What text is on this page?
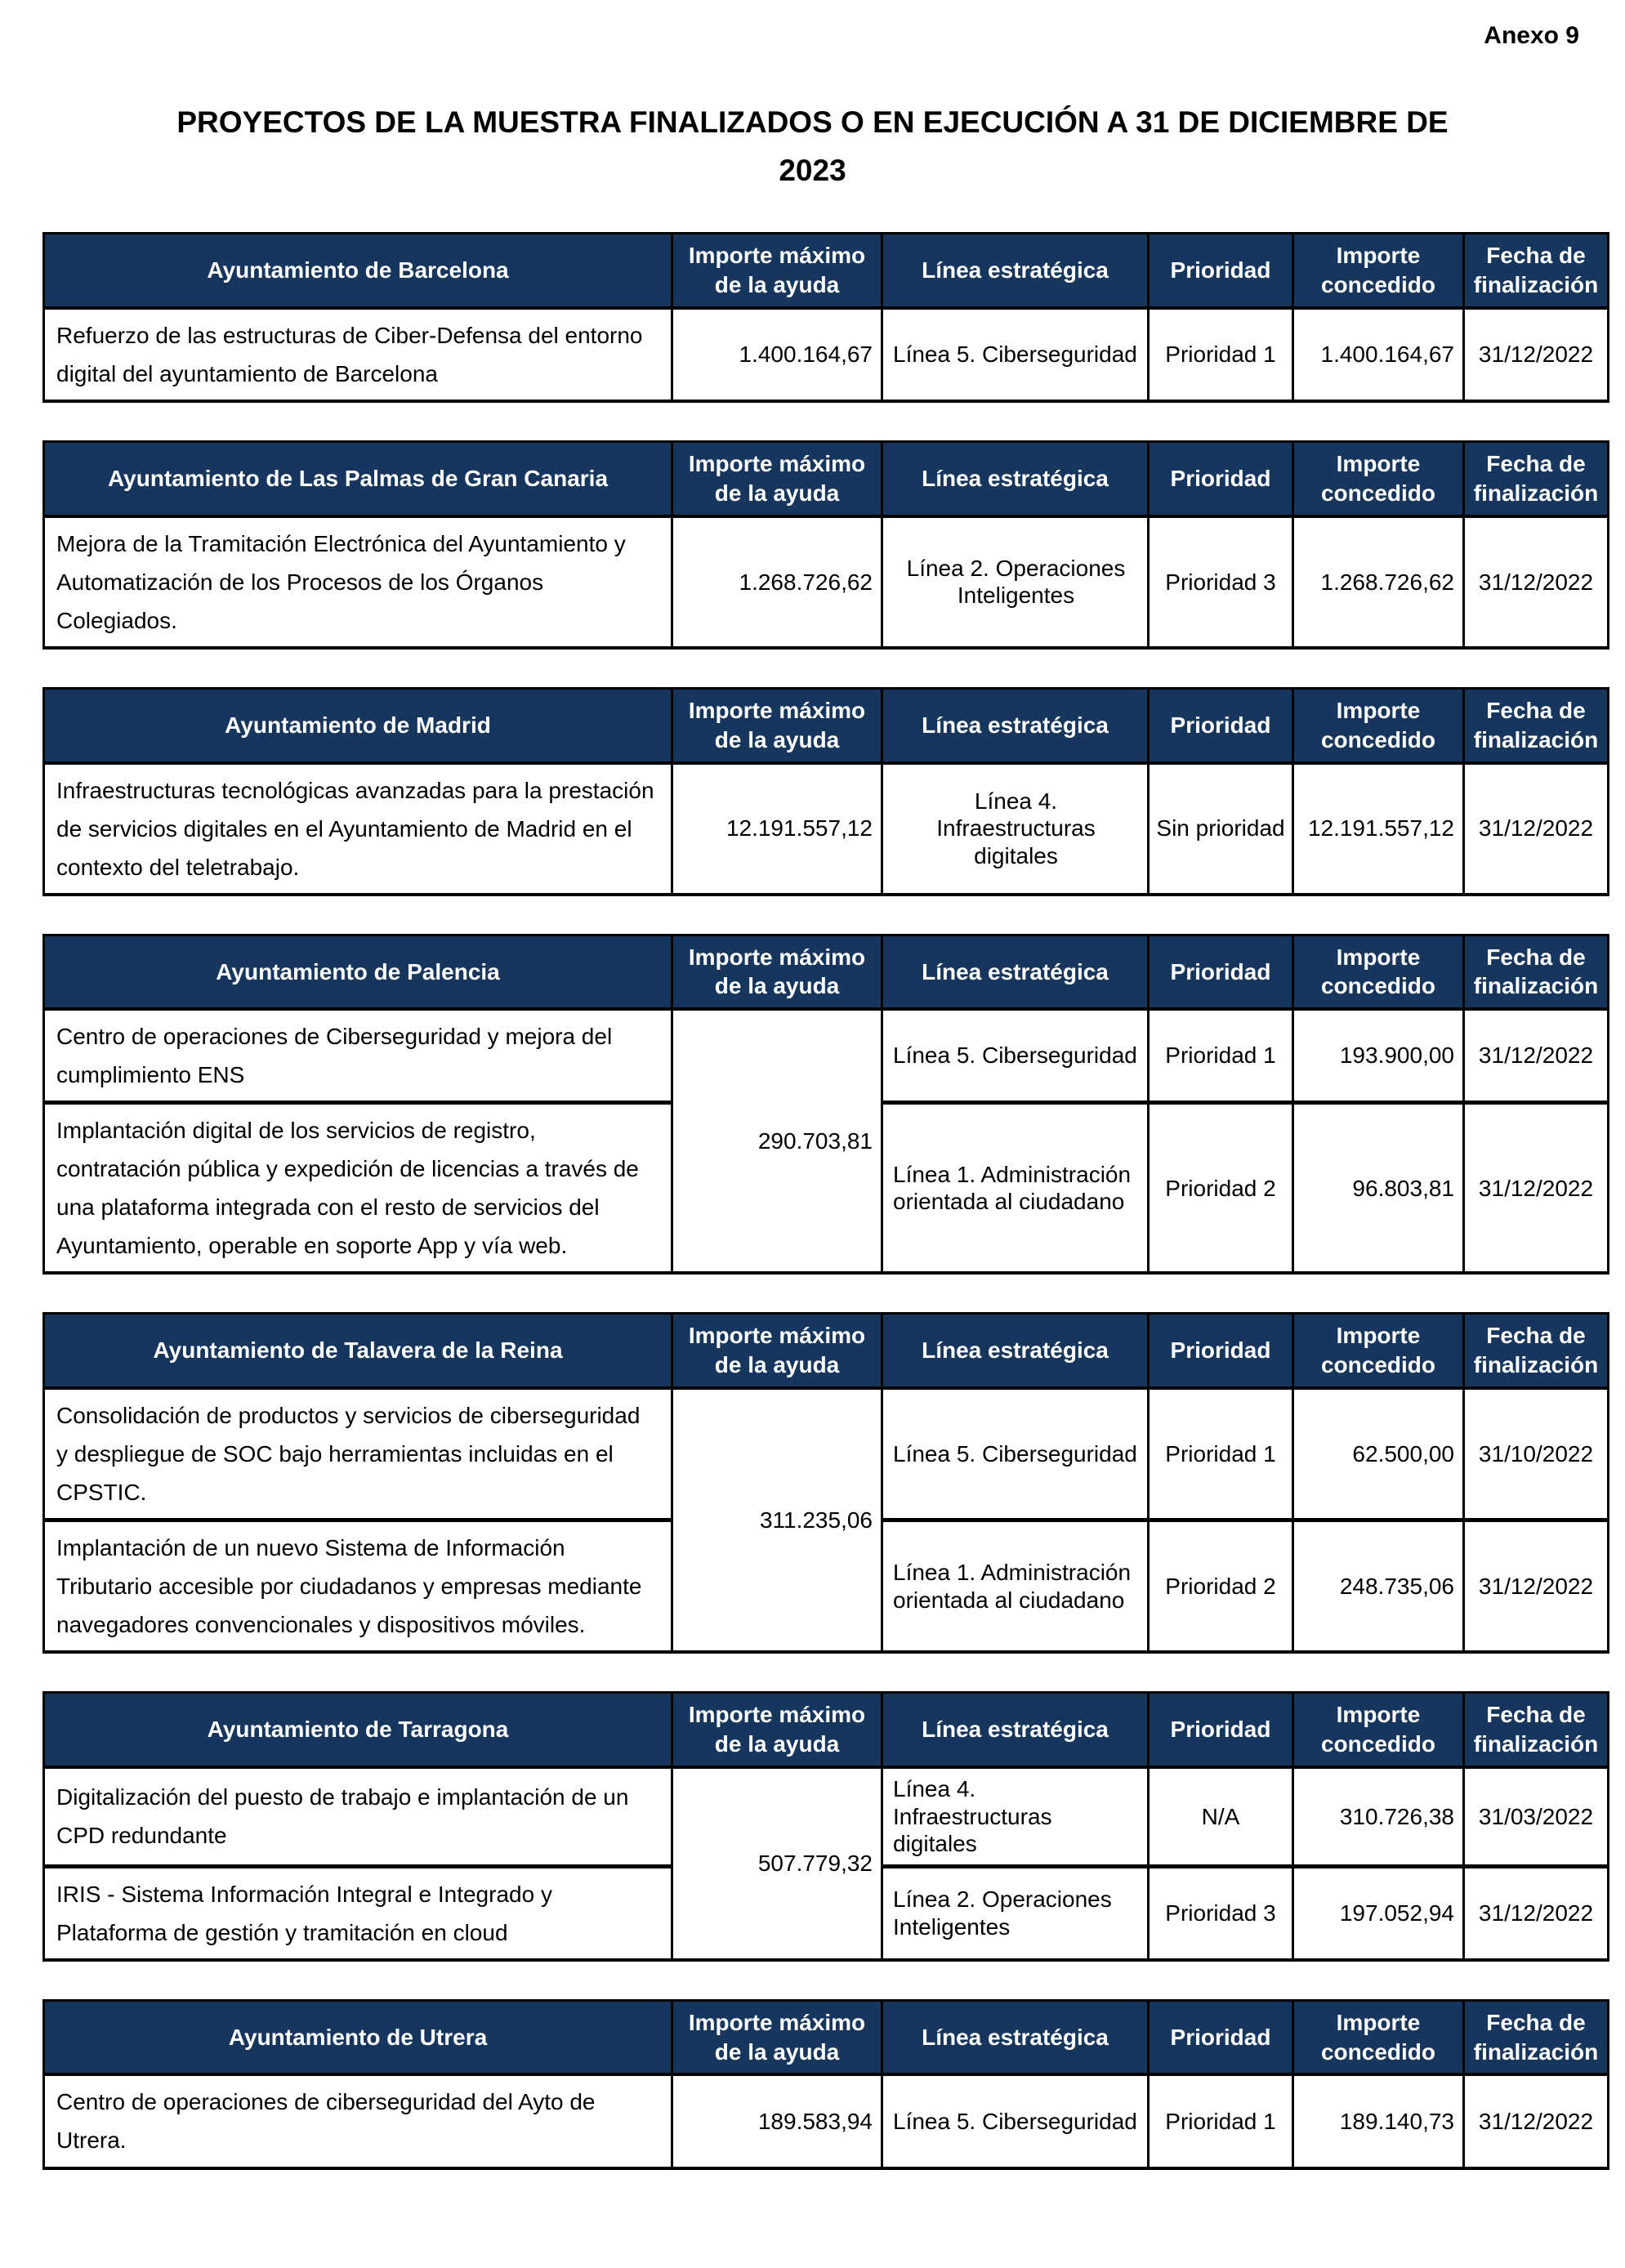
Anexo 9
PROYECTOS DE LA MUESTRA FINALIZADOS O EN EJECUCIÓN A 31 DE DICIEMBRE DE
2023
Ayuntamiento de Barcelona	Importe máximo de la ayuda	Línea estratégica	Prioridad	Importe concedido	Fecha de finalización
Refuerzo de las estructuras de Ciber-Defensa del entorno digital del ayuntamiento de Barcelona	1.400.164,67	Línea 5. Ciberseguridad	Prioridad 1	1.400.164,67	31/12/2022
Ayuntamiento de Las Palmas de Gran Canaria	Importe máximo de la ayuda	Línea estratégica	Prioridad	Importe concedido	Fecha de finalización
Mejora de la Tramitación Electrónica del Ayuntamiento y Automatización de los Procesos de los Órganos Colegiados.	1.268.726,62	Línea 2. Operaciones Inteligentes	Prioridad 3	1.268.726,62	31/12/2022
Ayuntamiento de Madrid	Importe máximo de la ayuda	Línea estratégica	Prioridad	Importe concedido	Fecha de finalización
Infraestructuras tecnológicas avanzadas para la prestación de servicios digitales en el Ayuntamiento de Madrid en el contexto del teletrabajo.	12.191.557,12	Línea 4. Infraestructuras digitales	Sin prioridad	12.191.557,12	31/12/2022
Ayuntamiento de Palencia	Importe máximo de la ayuda	Línea estratégica	Prioridad	Importe concedido	Fecha de finalización
Centro de operaciones de Ciberseguridad y mejora del cumplimiento ENS	290.703,81	Línea 5. Ciberseguridad	Prioridad 1	193.900,00	31/12/2022
Implantación digital de los servicios de registro, contratación pública y expedición de licencias a través de una plataforma integrada con el resto de servicios del Ayuntamiento, operable en soporte App y vía web.		Línea 1. Administración orientada al ciudadano	Prioridad 2	96.803,81	31/12/2022
Ayuntamiento de Talavera de la Reina	Importe máximo de la ayuda	Línea estratégica	Prioridad	Importe concedido	Fecha de finalización
Consolidación de productos y servicios de ciberseguridad y despliegue de SOC bajo herramientas incluidas en el CPSTIC.	311.235,06	Línea 5. Ciberseguridad	Prioridad 1	62.500,00	31/10/2022
Implantación de un nuevo Sistema de Información Tributario accesible por ciudadanos y empresas mediante navegadores convencionales y dispositivos móviles.		Línea 1. Administración orientada al ciudadano	Prioridad 2	248.735,06	31/12/2022
Ayuntamiento de Tarragona	Importe máximo de la ayuda	Línea estratégica	Prioridad	Importe concedido	Fecha de finalización
Digitalización del puesto de trabajo e implantación de un CPD redundante	507.779,32	Línea 4. Infraestructuras digitales	N/A	310.726,38	31/03/2022
IRIS - Sistema Información Integral e Integrado y Plataforma de gestión y tramitación en cloud		Línea 2. Operaciones Inteligentes	Prioridad 3	197.052,94	31/12/2022
Ayuntamiento de Utrera	Importe máximo de la ayuda	Línea estratégica	Prioridad	Importe concedido	Fecha de finalización
Centro de operaciones de ciberseguridad del Ayto de Utrera.	189.583,94	Línea 5. Ciberseguridad	Prioridad 1	189.140,73	31/12/2022
